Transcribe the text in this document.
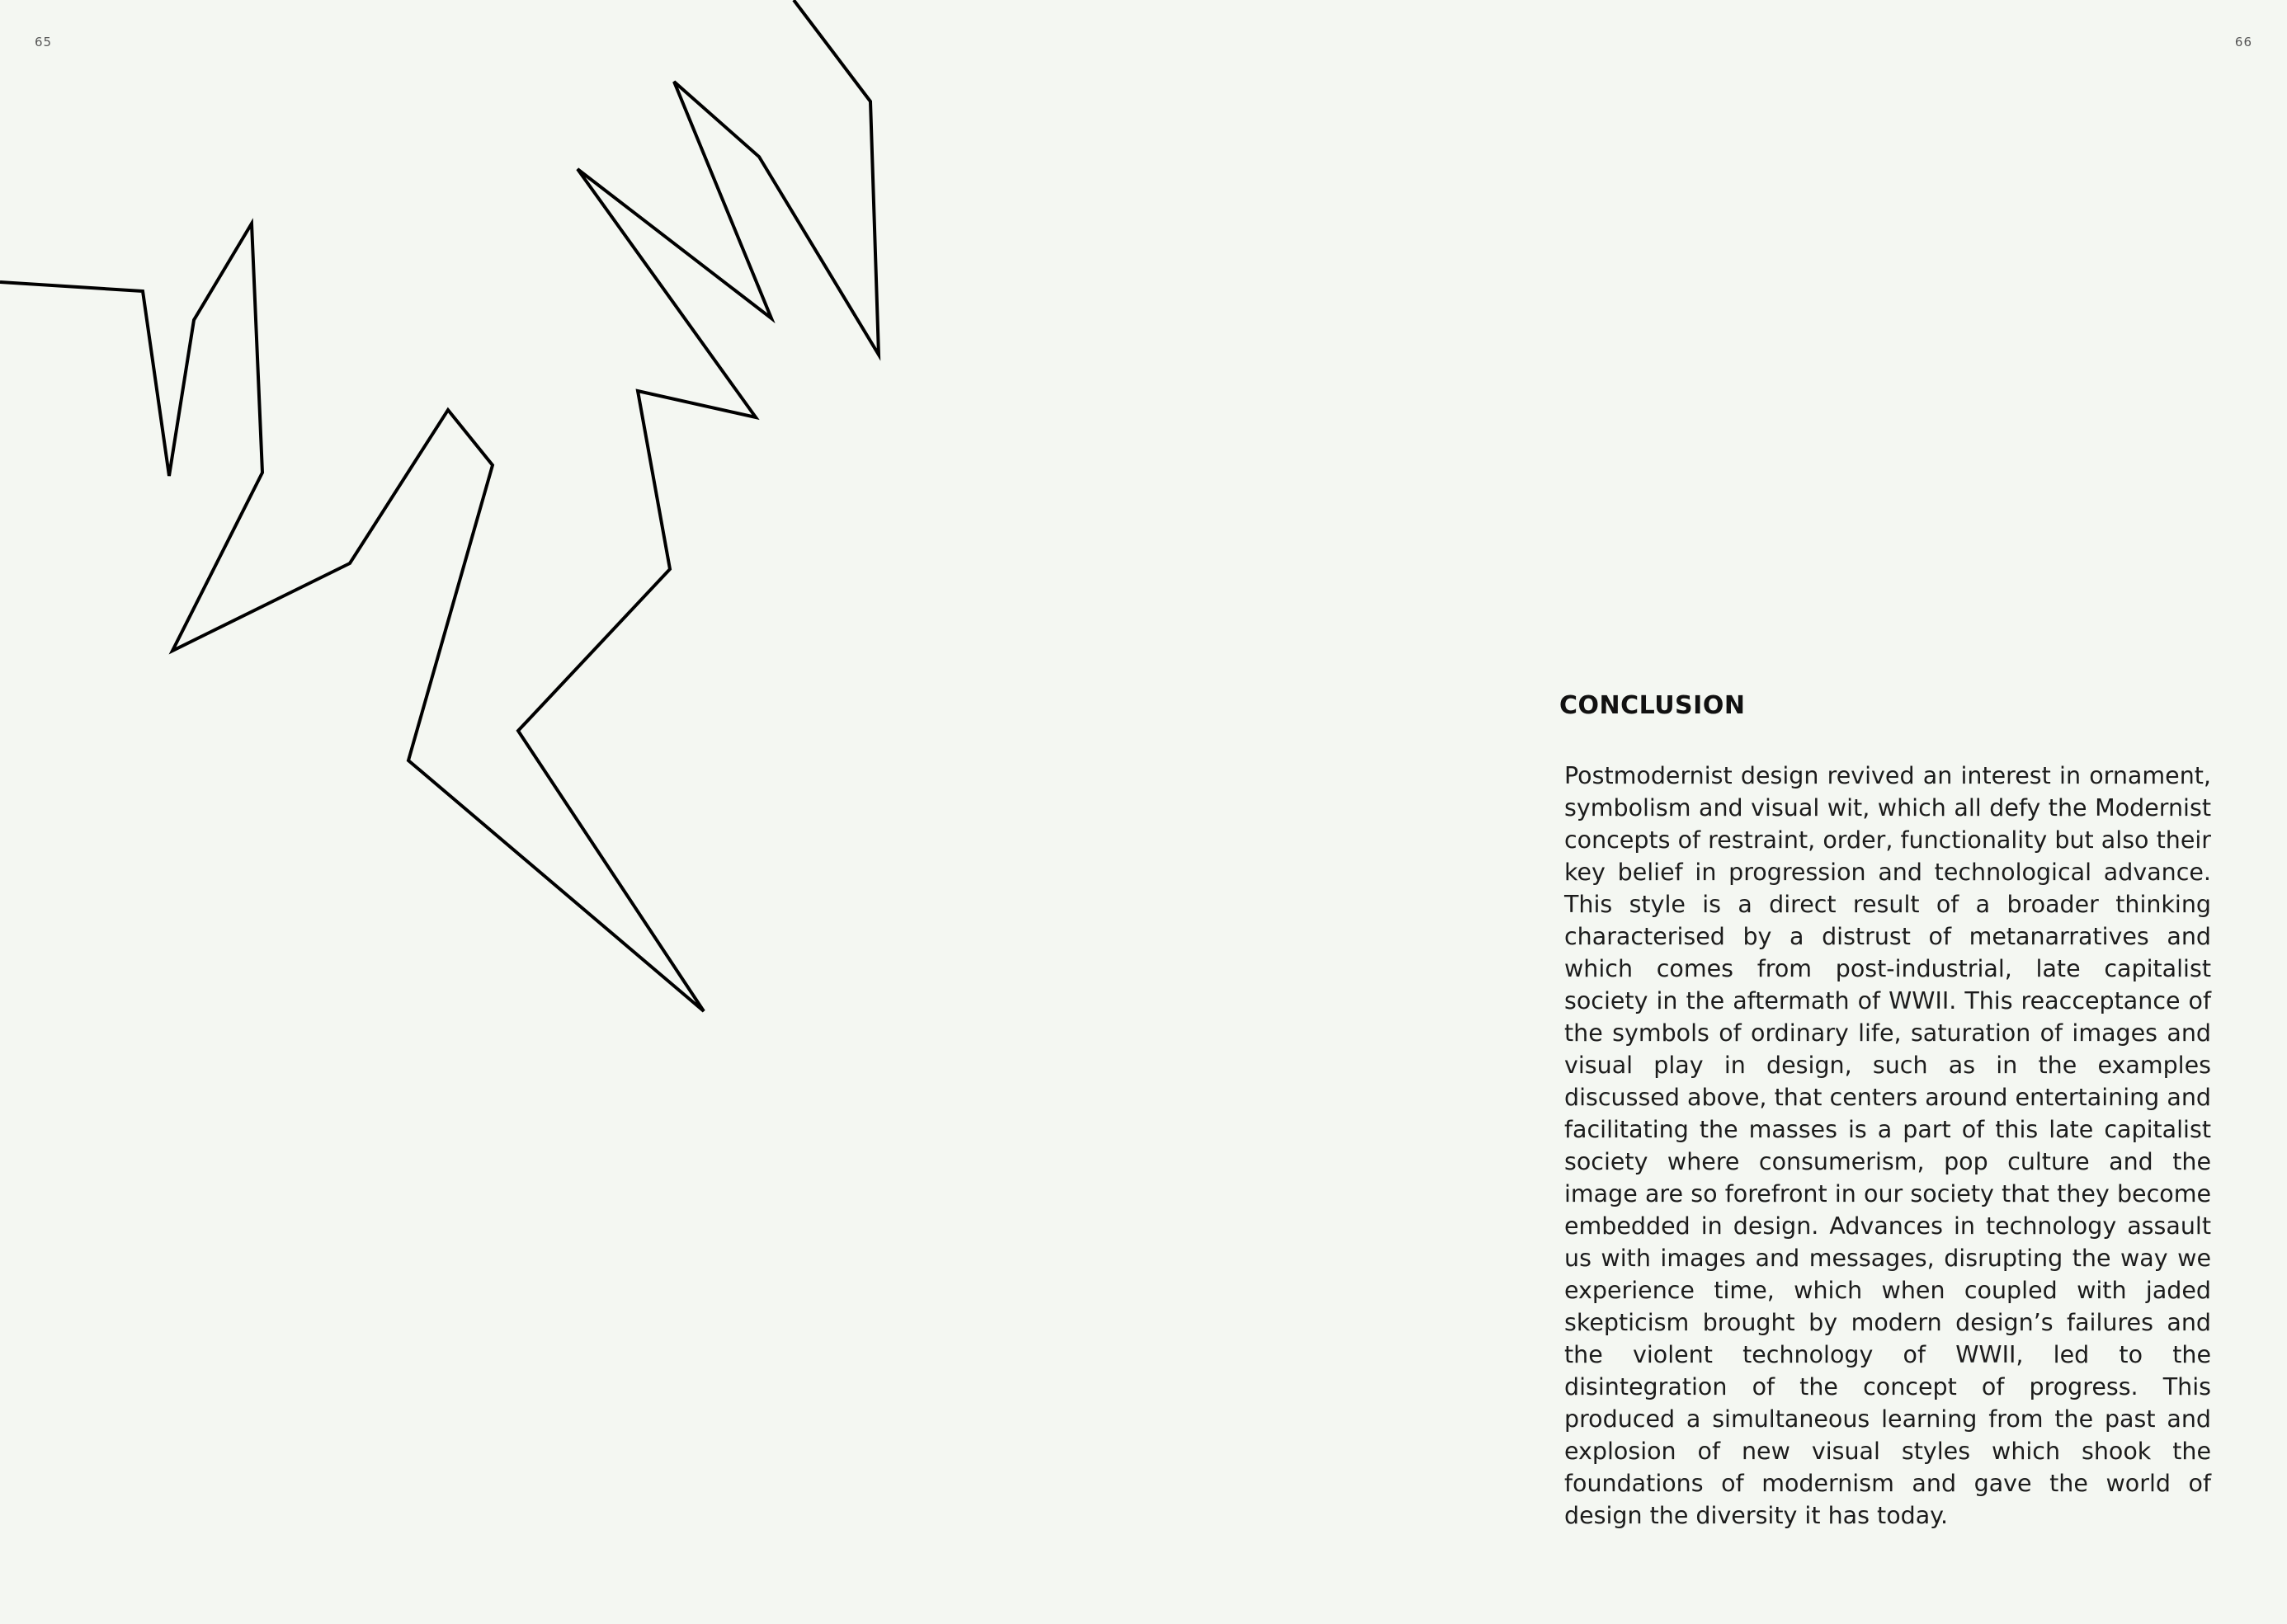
65	66
CONCLUSION

Postmodernist design revived an interest in ornament, symbolism and visual wit, which all defy the Modernist concepts of restraint, order, functionality but also their key belief in progression and technological advance. This style is a direct result of a broader thinking characterised by a distrust of metanarratives and which comes from post-industrial, late capitalist society in the aftermath of WWII. This reacceptance of the symbols of ordinary life, saturation of images and visual play in design, such as in the examples discussed above, that centers around entertaining and facilitating the masses is a part of this late capitalist society where consumerism, pop culture and the image are so forefront in our society that they become embedded in design. Advances in technology assault us with images and messages, disrupting the way we experience time, which when coupled with jaded skepticism brought by modern design’s failures and the violent technology of WWII, led to the disintegration of the concept of progress. This produced a simultaneous learning from the past and explosion of new visual styles which shook the foundations of modernism and gave the world of design the diversity it has today.
